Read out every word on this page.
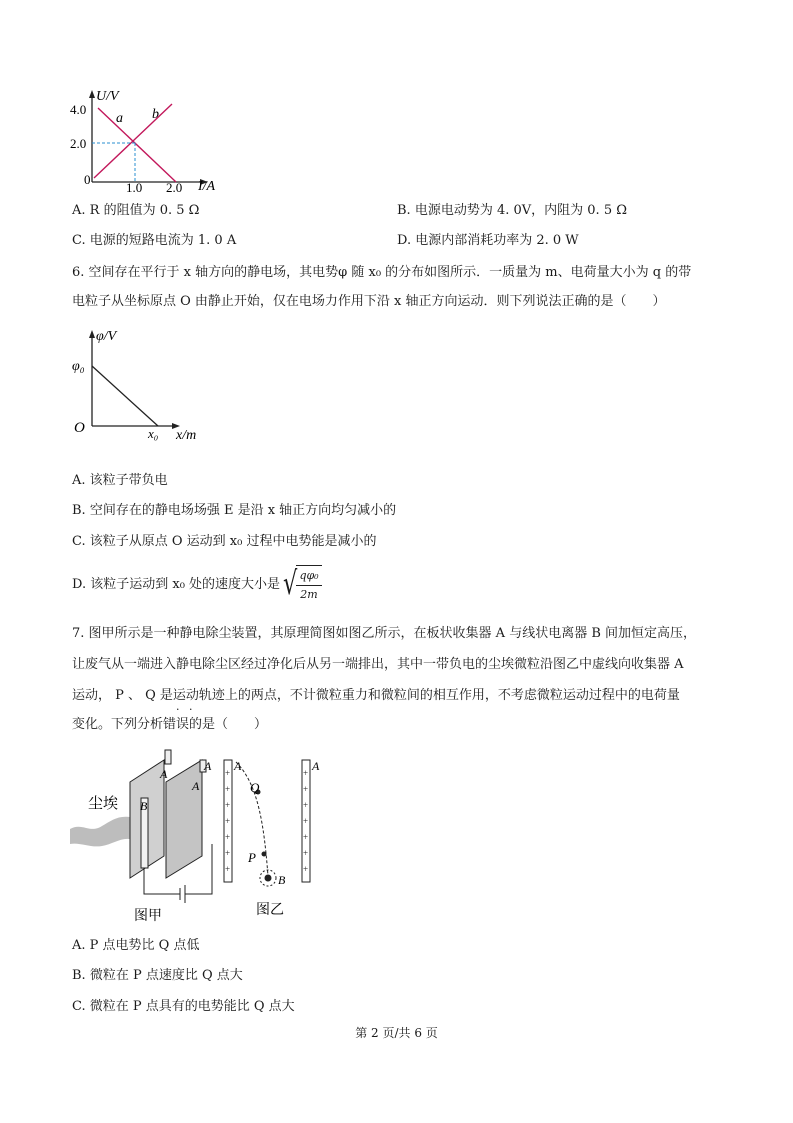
U/V
I/A
4.0
2.0
1.0 2.0
0
a b
A. R 的阻值为 0. 5 Ω	B. 电源电动势为 4. 0V，内阻为 0. 5 Ω
C. 电源的短路电流为 1. 0 A	D. 电源内部消耗功率为 2. 0 W
6. 空间存在平行于 x 轴方向的静电场，其电势φ 随 x₀ 的分布如图所示．一质量为 m、电荷量大小为 q 的带
电粒子从坐标原点 O 由静止开始，仅在电场力作用下沿 x 轴正方向运动．则下列说法正确的是（　　）
φ/V
φ₀
O	x₀ x/m
A. 该粒子带负电
B. 空间存在的静电场场强 E 是沿 x 轴正方向均匀减小的
C. 该粒子从原点 O 运动到 x₀ 过程中电势能是减小的
D. 该粒子运动到 x₀ 处的速度大小是 √ $\frac{\text{qφ₀}}{2m}$
7. 图甲所示是一种静电除尘装置，其原理简图如图乙所示，在板状收集器 A 与线状电离器 B 间加恒定高压，
让废气从一端进入静电除尘区经过净化后从另一端排出，其中一带负电的尘埃微粒沿图乙中虚线向收集器 A
运动， P 、 Q 是运动轨迹上的两点，不计微粒重力和微粒间的相互作用，不考虑微粒运动过程中的电荷量
变化。下列分析错误的是（　　）
· ·
尘埃
A
A
A
B
图甲
+
+
+
+
+
+
+
+
+
+
+
+
+
+
A	A
Q
P
B
图乙
A. P 点电势比 Q 点低
B. 微粒在 P 点速度比 Q 点大
C. 微粒在 P 点具有的电势能比 Q 点大
第 2 页/共 6 页
